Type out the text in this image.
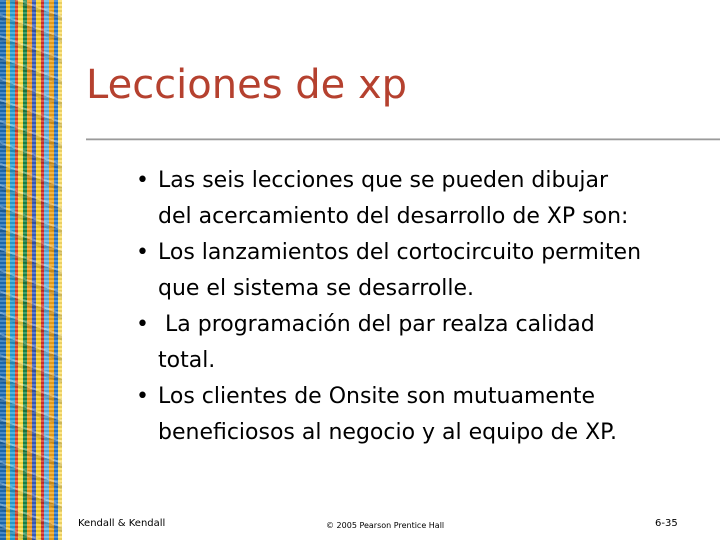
Lecciones de xp
• Las seis lecciones que se pueden dibujar
del acercamiento del desarrollo de XP son:
• Los lanzamientos del cortocircuito permiten
que el sistema se desarrolle.
• La programación del par realza calidad
total.
• Los clientes de Onsite son mutuamente
beneficiosos al negocio y al equipo de XP.
Kendall & Kendall	© 2005 Pearson Prentice Hall	6-35
